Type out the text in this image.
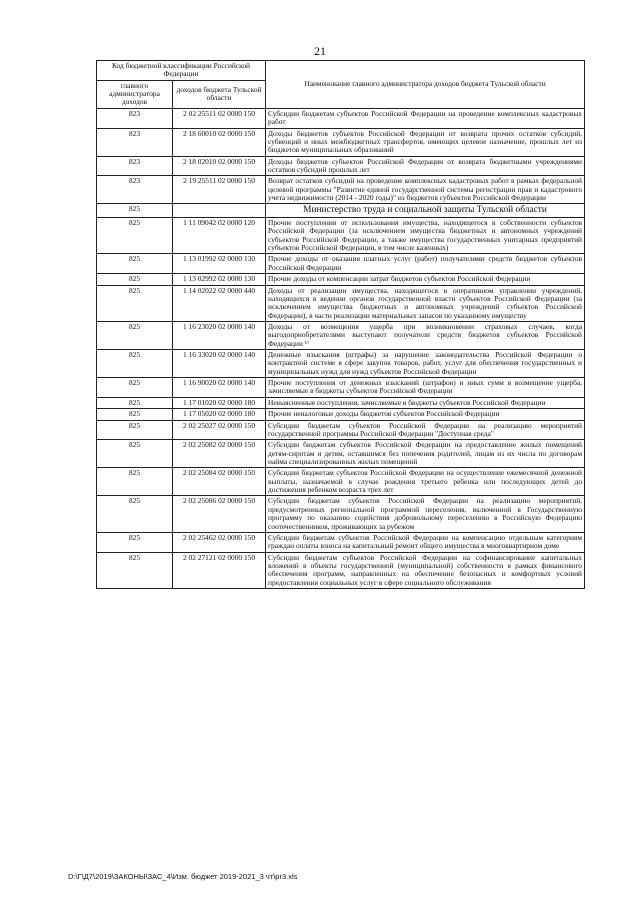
21
Код бюджетной классификации Российской Федерации		Наименование главного администратора доходов бюджета Тульской области
главного администратора доходов	доходов бюджета Тульской области	
823	2 02 25511 02 0000 150	Субсидии бюджетам субъектов Российской Федерации на проведение комплексных кадастровых работ
823	2 18 60010 02 0000 150	Доходы бюджетов субъектов Российской Федерации от возврата прочих остатков субсидий, субвенций и иных межбюджетных трансфертов, имеющих целевое назначение, прошлых лет из бюджетов муниципальных образований
823	2 18 02010 02 0000 150	Доходы бюджетов субъектов Российской Федерации от возврата бюджетными учреждениями остатков субсидий прошлых лет
823	2 19 25511 02 0000 150	Возврат остатков субсидий на проведение комплексных кадастровых работ в рамках федеральной целевой программы "Развитие единой государственной системы регистрации прав и кадастрового учета недвижимости (2014 - 2020 годы)" из бюджетов субъектов Российской Федерации
825		Министерство труда и социальной защиты Тульской области
825	1 11 09042 02 0000 120	Прочие поступления от использования имущества, находящегося в собственности субъектов Российской Федерации (за исключением имущества бюджетных и автономных учреждений субъектов Российской Федерации, а также имущества государственных унитарных предприятий субъектов Российской Федерации, в том числе казенных)
825	1 13 01992 02 0000 130	Прочие доходы от оказания платных услуг (работ) получателями средств бюджетов субъектов Российской Федерации
825	1 13 02992 02 0000 130	Прочие доходы от компенсации затрат бюджетов субъектов Российской Федерации
825	1 14 02022 02 0000 440	Доходы от реализации имущества, находящегося в оперативном управлении учреждений, находящихся в ведении органов государственной власти субъектов Российской Федерации (за исключением имущества бюджетных и автономных учреждений субъектов Российской Федерации), в части реализации материальных запасов по указанному имуществу
825	1 16 23020 02 0000 140	Доходы от возмещения ущерба при возникновении страховых случаев, когда выгодоприобретателями выступают получатели средств бюджетов субъектов Российской Федерации ¹⁾
825	1 16 33020 02 0000 140	Денежные взыскания (штрафы) за нарушение законодательства Российской Федерации о контрактной системе в сфере закупок товаров, работ, услуг для обеспечения государственных и муниципальных нужд для нужд субъектов Российской Федерации
825	1 16 90020 02 0000 140	Прочие поступления от денежных взысканий (штрафов) и иных сумм в возмещение ущерба, зачисляемые в бюджеты субъектов Российской Федерации
825	1 17 01020 02 0000 180	Невыясненные поступления, зачисляемые в бюджеты субъектов Российской Федерации
825	1 17 05020 02 0000 180	Прочие неналоговые доходы бюджетов субъектов Российской Федерации
825	2 02 25027 02 0000 150	Субсидии бюджетам субъектов Российской Федерации на реализацию мероприятий государственной программы Российской Федерации "Доступная среда"
825	2 02 25082 02 0000 150	Субсидии бюджетам субъектов Российской Федерации на предоставление жилых помещений детям-сиротам и детям, оставшимся без попечения родителей, лицам из их числа по договорам найма специализированных жилых помещений
825	2 02 25084 02 0000 150	Субсидии бюджетам субъектов Российской Федерации на осуществление ежемесячной денежной выплаты, назначаемой в случае рождения третьего ребенка или последующих детей до достижения ребенком возраста трех лет
825	2 02 25086 02 0000 150	Субсидии бюджетам субъектов Российской Федерации на реализацию мероприятий, предусмотренных региональной программой переселения, включенной в Государственную программу по оказанию содействия добровольному переселению в Российскую Федерацию соотечественников, проживающих за рубежом
825	2 02 25462 02 0000 150	Субсидии бюджетам субъектов Российской Федерации на компенсацию отдельным категориям граждан оплаты взноса на капитальный ремонт общего имущества в многоквартирном доме
825	2 02 27121 02 0000 150	Субсидии бюджетам субъектов Российской Федерации на софинансирование капитальных вложений в объекты государственной (муниципальной) собственности в рамках финансового обеспечения программ, направленных на обеспечение безопасных и комфортных условий предоставления социальных услуг в сфере социального обслуживания
D:\Г\Д7\2019\ЗАКОНЫ\ЗАС_4\Изм. бюджет 2019-2021_3 чт\pr3.xls
